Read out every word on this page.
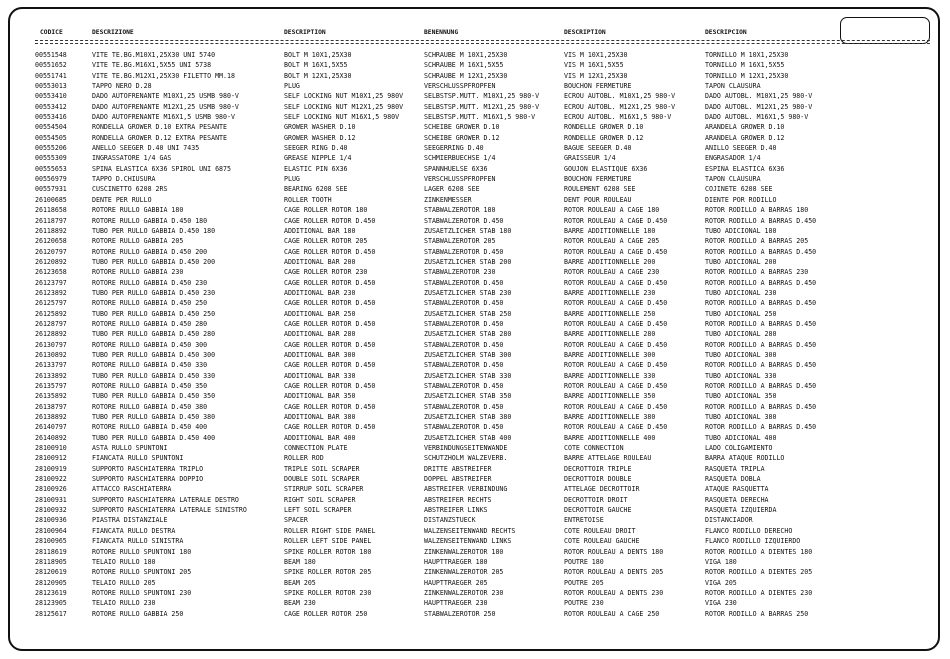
CODICE	DESCRIZIONE	DESCRIPTION	BENENNUNG	DESCRIPTION	DESCRIPCION
00551548	VITE TE.BG.M10X1,25X30 UNI 5740	BOLT M 10X1,25X30	SCHRAUBE M 10X1,25X30	VIS M 10X1,25X30	TORNILLO M 10X1,25X30
00551652	VITE TE.BG.M16X1,5X55 UNI 5738	BOLT M 16X1,5X55	SCHRAUBE M 16X1,5X55	VIS M 16X1,5X55	TORNILLO M 16X1,5X55
00551741	VITE TE.BG.M12X1,25X30 FILETTO MM.18	BOLT M 12X1,25X30	SCHRAUBE M 12X1,25X30	VIS M 12X1,25X30	TORNILLO M 12X1,25X30
00553013	TAPPO NERO D.28	PLUG	VERSCHLUSSPFROPFEN	BOUCHON FERMETURE	TAPON CLAUSURA
00553410	DADO AUTOFRENANTE M10X1,25 USMB 980-V	SELF LOCKING NUT M10X1,25 980V	SELBSTSP.MUTT. M10X1,25 980-V	ECROU AUTOBL. M10X1,25 980-V	DADO AUTOBL. M10X1,25 980-V
00553412	DADO AUTOFRENANTE M12X1,25 USMB 980-V	SELF LOCKING NUT M12X1,25 980V	SELBSTSP.MUTT. M12X1,25 980-V	ECROU AUTOBL. M12X1,25 980-V	DADO AUTOBL. M12X1,25 980-V
00553416	DADO AUTOFRENANTE M16X1,5 USMB 980-V	SELF LOCKING NUT M16X1,5 980V	SELBSTSP.MUTT. M16X1,5 980-V	ECROU AUTOBL. M16X1,5 980-V	DADO AUTOBL. M16X1,5 980-V
00554504	RONDELLA GROWER D.10 EXTRA PESANTE	GROWER WASHER D.10	SCHEIBE GROWER D.10	RONDELLE GROWER D.10	ARANDELA GROWER D.10
00554505	RONDELLA GROWER D.12 EXTRA PESANTE	GROWER WASHER D.12	SCHEIBE GROWER D.12	RONDELLE GROWER D.12	ARANDELA GROWER D.12
00555206	ANELLO SEEGER D.40 UNI 7435	SEEGER RING D.40	SEEGERRING D.40	BAGUE SEEGER D.40	ANILLO SEEGER D.40
00555309	INGRASSATORE 1/4 GAS	GREASE NIPPLE 1/4	SCHMIERBUECHSE 1/4	GRAISSEUR 1/4	ENGRASADOR 1/4
00555653	SPINA ELASTICA 6X36 SPIROL UNI 6875	ELASTIC PIN 6X36	SPANNHUELSE 6X36	GOUJON ELASTIQUE 6X36	ESPINA ELASTICA 6X36
00556979	TAPPO D.CHIUSURA	PLUG	VERSCHLUSSPFROPFEN	BOUCHON FERMETURE	TAPON CLAUSURA
00557931	CUSCINETTO 6208 2RS	BEARING 6208 SEE	LAGER 6208 SEE	ROULEMENT 6208 SEE	COJINETE 6208 SEE
26100685	DENTE PER RULLO	ROLLER TOOTH	ZINKENMESSER	DENT POUR ROULEAU	DIENTE POR RODILLO
26118658	ROTORE RULLO GABBIA 180	CAGE ROLLER ROTOR 180	STABWALZEROTOR 180	ROTOR ROULEAU A CAGE 180	ROTOR RODILLO A BARRAS 180
26118797	ROTORE RULLO GABBIA D.450 180	CAGE ROLLER ROTOR D.450	STABWALZEROTOR D.450	ROTOR ROULEAU A CAGE D.450	ROTOR RODILLO A BARRAS D.450
26118892	TUBO PER RULLO GABBIA D.450 180	ADDITIONAL BAR 180	ZUSAETZLICHER STAB 180	BARRE ADDITIONNELLE 180	TUBO ADICIONAL 180
26120658	ROTORE RULLO GABBIA 205	CAGE ROLLER ROTOR 205	STABWALZEROTOR 205	ROTOR ROULEAU A CAGE 205	ROTOR RODILLO A BARRAS 205
26120797	ROTORE RULLO GABBIA D.450 200	CAGE ROLLER ROTOR D.450	STABWALZEROTOR D.450	ROTOR ROULEAU A CAGE D.450	ROTOR RODILLO A BARRAS D.450
26120892	TUBO PER RULLO GABBIA D.450 200	ADDITIONAL BAR 200	ZUSAETZLICHER STAB 200	BARRE ADDITIONNELLE 200	TUBO ADICIONAL 200
26123658	ROTORE RULLO GABBIA 230	CAGE ROLLER ROTOR 230	STABWALZEROTOR 230	ROTOR ROULEAU A CAGE 230	ROTOR RODILLO A BARRAS 230
26123797	ROTORE RULLO GABBIA D.450 230	CAGE ROLLER ROTOR D.450	STABWALZEROTOR D.450	ROTOR ROULEAU A CAGE D.450	ROTOR RODILLO A BARRAS D.450
26123892	TUBO PER RULLO GABBIA D.450 230	ADDITIONAL BAR 230	ZUSAETZLICHER STAB 230	BARRE ADDITIONNELLE 230	TUBO ADICIONAL 230
26125797	ROTORE RULLO GABBIA D.450 250	CAGE ROLLER ROTOR D.450	STABWALZEROTOR D.450	ROTOR ROULEAU A CAGE D.450	ROTOR RODILLO A BARRAS D.450
26125892	TUBO PER RULLO GABBIA D.450 250	ADDITIONAL BAR 250	ZUSAETZLICHER STAB 250	BARRE ADDITIONNELLE 250	TUBO ADICIONAL 250
26128797	ROTORE RULLO GABBIA D.450 280	CAGE ROLLER ROTOR D.450	STABWALZEROTOR D.450	ROTOR ROULEAU A CAGE D.450	ROTOR RODILLO A BARRAS D.450
26128892	TUBO PER RULLO GABBIA D.450 280	ADDITIONAL BAR 280	ZUSAETZLICHER STAB 280	BARRE ADDITIONNELLE 280	TUBO ADICIONAL 280
26130797	ROTORE RULLO GABBIA D.450 300	CAGE ROLLER ROTOR D.450	STABWALZEROTOR D.450	ROTOR ROULEAU A CAGE D.450	ROTOR RODILLO A BARRAS D.450
26130892	TUBO PER RULLO GABBIA D.450 300	ADDITIONAL BAR 300	ZUSAETZLICHER STAB 300	BARRE ADDITIONNELLE 300	TUBO ADICIONAL 300
26133797	ROTORE RULLO GABBIA D.450 330	CAGE ROLLER ROTOR D.450	STABWALZEROTOR D.450	ROTOR ROULEAU A CAGE D.450	ROTOR RODILLO A BARRAS D.450
26133892	TUBO PER RULLO GABBIA D.450 330	ADDITIONAL BAR 330	ZUSAETZLICHER STAB 330	BARRE ADDITIONNELLE 330	TUBO ADICIONAL 330
26135797	ROTORE RULLO GABBIA D.450 350	CAGE ROLLER ROTOR D.450	STABWALZEROTOR D.450	ROTOR ROULEAU A CAGE D.450	ROTOR RODILLO A BARRAS D.450
26135892	TUBO PER RULLO GABBIA D.450 350	ADDITIONAL BAR 350	ZUSAETZLICHER STAB 350	BARRE ADDITIONNELLE 350	TUBO ADICIONAL 350
26138797	ROTORE RULLO GABBIA D.450 380	CAGE ROLLER ROTOR D.450	STABWALZEROTOR D.450	ROTOR ROULEAU A CAGE D.450	ROTOR RODILLO A BARRAS D.450
26138892	TUBO PER RULLO GABBIA D.450 380	ADDITIONAL BAR 380	ZUSAETZLICHER STAB 380	BARRE ADDITIONNELLE 380	TUBO ADICIONAL 380
26140797	ROTORE RULLO GABBIA D.450 400	CAGE ROLLER ROTOR D.450	STABWALZEROTOR D.450	ROTOR ROULEAU A CAGE D.450	ROTOR RODILLO A BARRAS D.450
26140892	TUBO PER RULLO GABBIA D.450 400	ADDITIONAL BAR 400	ZUSAETZLICHER STAB 400	BARRE ADDITIONNELLE 400	TUBO ADICIONAL 400
28100910	ASTA RULLO SPUNTONI	CONNECTION PLATE	VERBINDUNGSEITENWANDE	COTE CONNECTION	LADO COLIGAMIENTO
28100912	FIANCATA RULLO SPUNTONI	ROLLER ROD	SCHUTZHOLM WALZEVERB.	BARRE ATTELAGE ROULEAU	BARRA ATAQUE RODILLO
28100919	SUPPORTO RASCHIATERRA TRIPLO	TRIPLE SOIL SCRAPER	DRITTE ABSTREIFER	DECROTTOIR TRIPLE	RASQUETA TRIPLA
28100922	SUPPORTO RASCHIATERRA DOPPIO	DOUBLE SOIL SCRAPER	DOPPEL ABSTREIFER	DECROTTOIR DOUBLE	RASQUETA DOBLA
28100926	ATTACCO RASCHIATERRA	STIRRUP SOIL SCRAPER	ABSTREIFER VERBINDUNG	ATTELAGE DECROTTOIR	ATAQUE RASQUETTA
28100931	SUPPORTO RASCHIATERRA LATERALE DESTRO	RIGHT SOIL SCRAPER	ABSTREIFER RECHTS	DECROTTOIR DROIT	RASQUETA DERECHA
28100932	SUPPORTO RASCHIATERRA LATERALE SINISTRO	LEFT SOIL SCRAPER	ABSTREIFER LINKS	DECROTTOIR GAUCHE	RASQUETA IZQUIERDA
28100936	PIASTRA DISTANZIALE	SPACER	DISTANZSTUECK	ENTRETOISE	DISTANCIADOR
28100964	FIANCATA RULLO DESTRA	ROLLER RIGHT SIDE PANEL	WALZENSEITENWAND RECHTS	COTE ROULEAU DROIT	FLANCO RODILLO DERECHO
28100965	FIANCATA RULLO SINISTRA	ROLLER LEFT SIDE PANEL	WALZENSEITENWAND LINKS	COTE ROULEAU GAUCHE	FLANCO RODILLO IZQUIERDO
28118619	ROTORE RULLO SPUNTONI 180	SPIKE ROLLER ROTOR 180	ZINKENWALZEROTOR 180	ROTOR ROULEAU A DENTS 180	ROTOR RODILLO A DIENTES 180
28118905	TELAIO RULLO 180	BEAM 180	HAUPTTRAEGER 180	POUTRE 180	VIGA 180
28120619	ROTORE RULLO SPUNTONI 205	SPIKE ROLLER ROTOR 205	ZINKENWALZEROTOR 205	ROTOR ROULEAU A DENTS 205	ROTOR RODILLO A DIENTES 205
28120905	TELAIO RULLO 205	BEAM 205	HAUPTTRAEGER 205	POUTRE 205	VIGA 205
28123619	ROTORE RULLO SPUNTONI 230	SPIKE ROLLER ROTOR 230	ZINKENWALZEROTOR 230	ROTOR ROULEAU A DENTS 230	ROTOR RODILLO A DIENTES 230
28123905	TELAIO RULLO 230	BEAM 230	HAUPTTRAEGER 230	POUTRE 230	VIGA 230
28125617	ROTORE RULLO GABBIA 250	CAGE ROLLER ROTOR 250	STABWALZEROTOR 250	ROTOR ROULEAU A CAGE 250	ROTOR RODILLO A BARRAS 250
